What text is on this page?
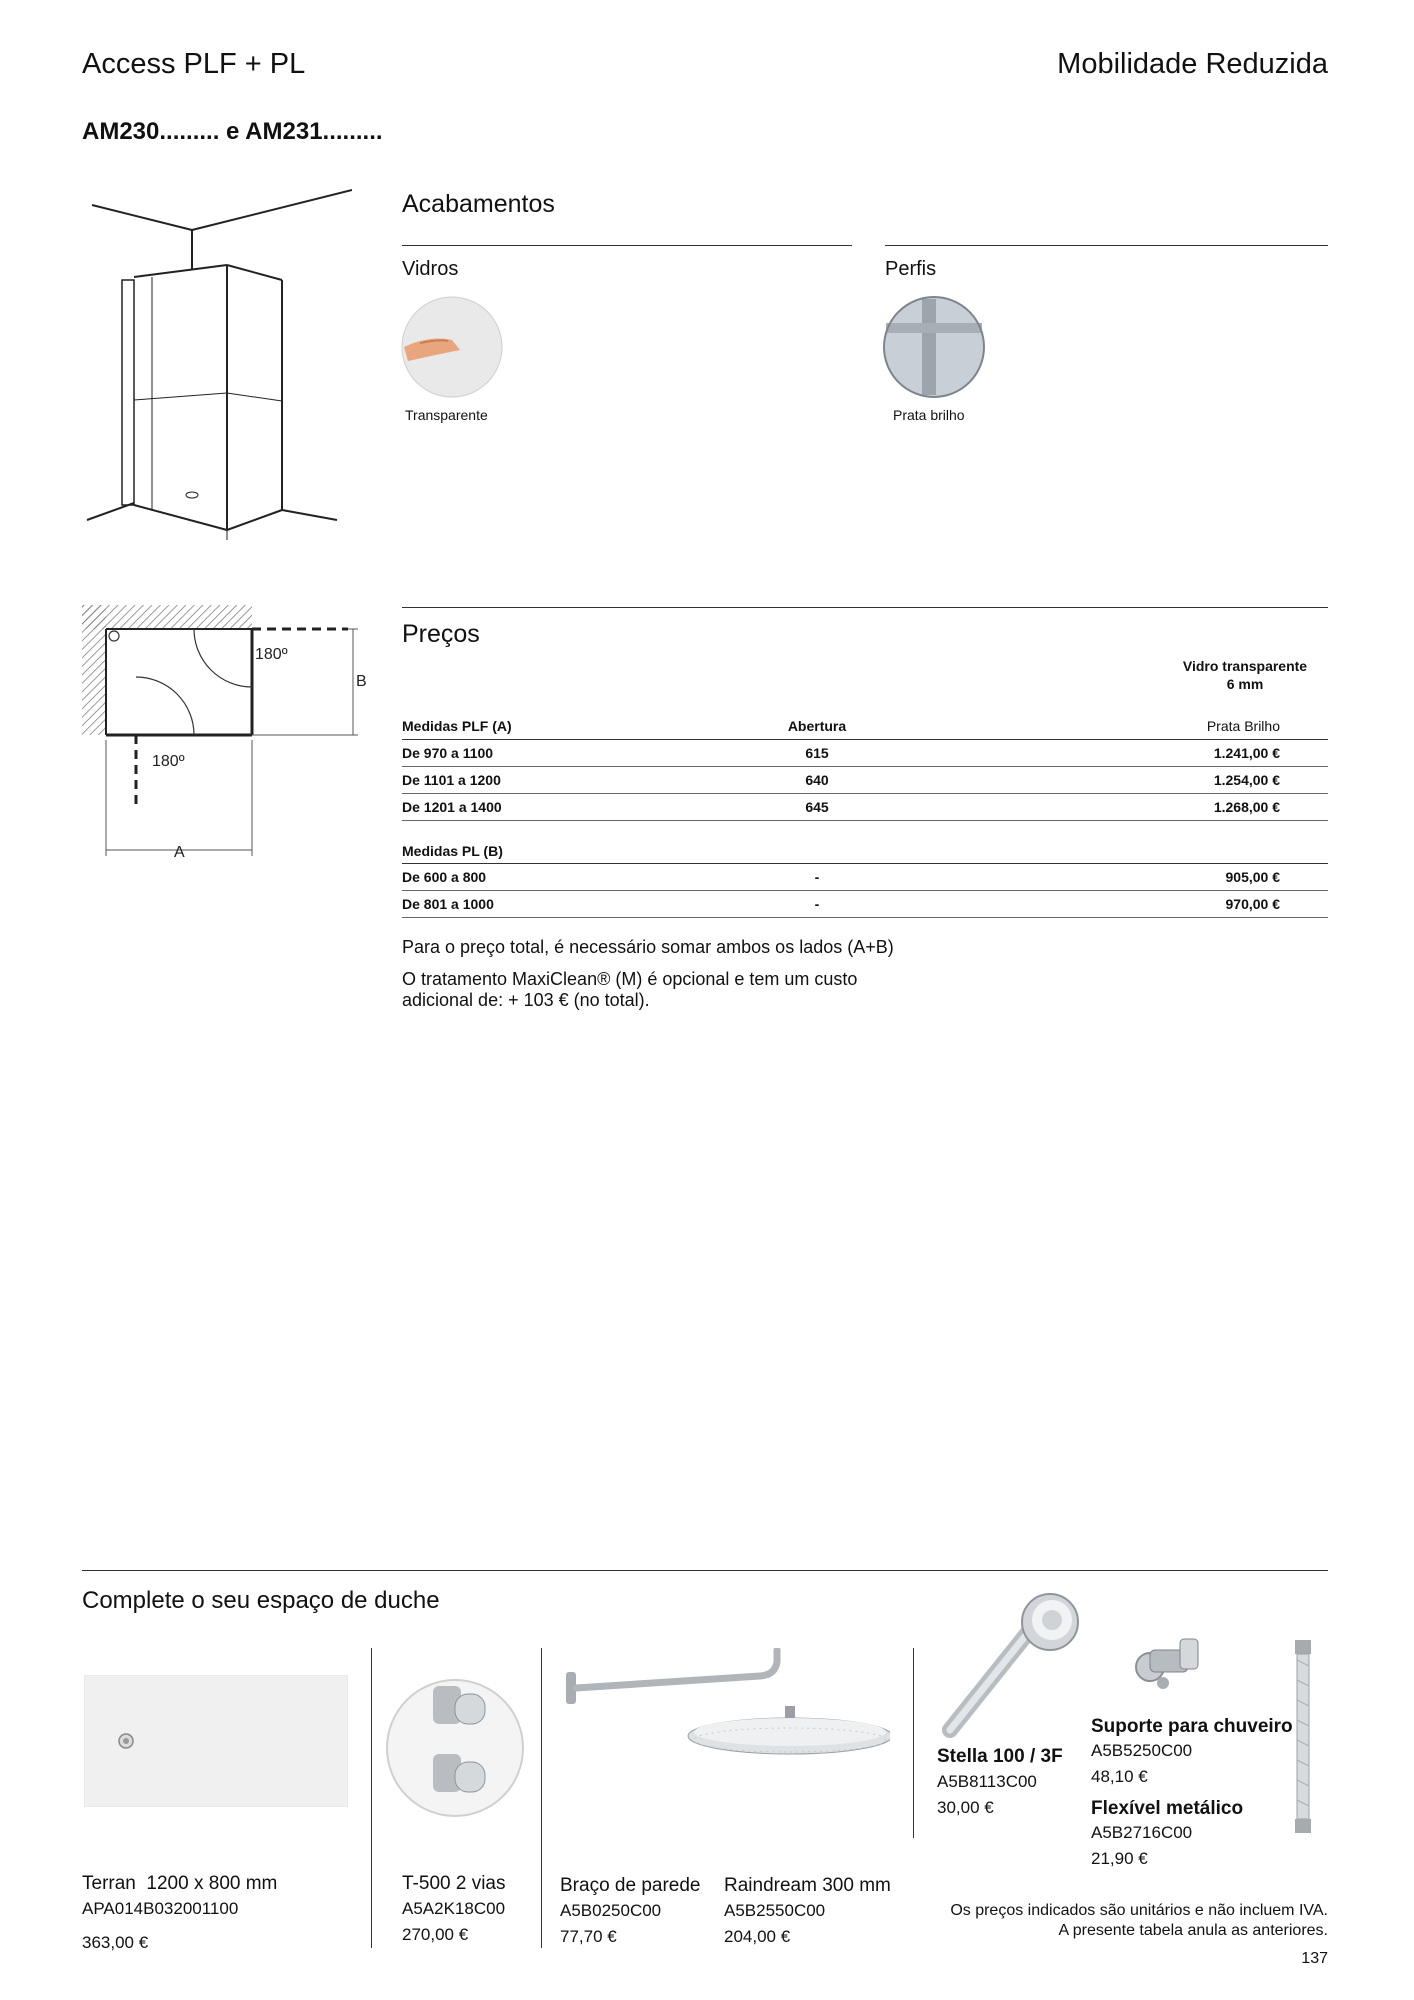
Access PLF + PL	Mobilidade Reduzida
AM230......... e AM231.........
Acabamentos
Vidros	Perfis
Transparente	Prata brilho
180º
180º
B
A
Preços
Vidro transparente
6 mm
Medidas PLF (A)	Abertura	Prata Brilho
De 970 a 1100	615	1.241,00 €
De 1101 a 1200	640	1.254,00 €
De 1201 a 1400	645	1.268,00 €
Medidas PL (B)		
De 600 a 800	-	905,00 €
De 801 a 1000	-	970,00 €
Para o preço total, é necessário somar ambos os lados (A+B)
O tratamento MaxiClean® (M) é opcional e tem um custo
adicional de: + 103 € (no total).
Complete o seu espaço de duche
Terran 1200 x 800 mm
APA014B032001100
363,00 €
T-500 2 vias
A5A2K18C00
270,00 €
Braço de parede
A5B0250C00
77,70 €
Raindream 300 mm
A5B2550C00
204,00 €
Stella 100 / 3F
A5B8113C00
30,00 €
Suporte para chuveiro
A5B5250C00
48,10 €
Flexível metálico
A5B2716C00
21,90 €
Os preços indicados são unitários e não incluem IVA.
A presente tabela anula as anteriores.
137
